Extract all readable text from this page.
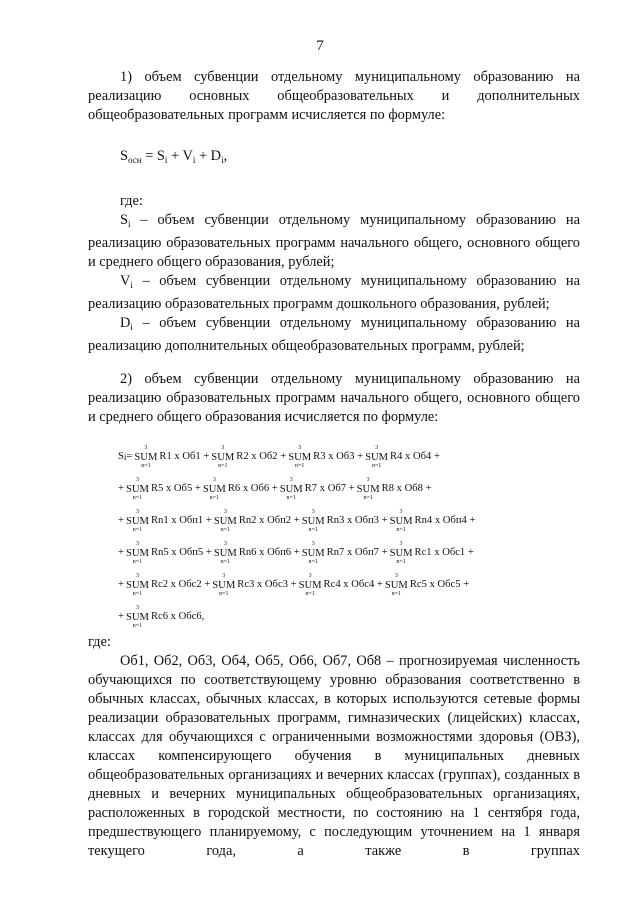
7

1) объем субвенции отдельному муниципальному образованию на реализацию основных общеобразовательных и дополнительных общеобразовательных программ исчисляется по формуле:

$S_{осн} = S_i + V_i + D_i$,

где:

$S_i$ – объем субвенции отдельному муниципальному образованию на реализацию образовательных программ начального общего, основного общего и среднего общего образования, рублей;

$V_i$ – объем субвенции отдельному муниципальному образованию на реализацию образовательных программ дошкольного образования, рублей;

$D_i$ – объем субвенции отдельному муниципальному образованию на реализацию дополнительных общеобразовательных программ, рублей;

2) объем субвенции отдельному муниципальному образованию на реализацию образовательных программ начального общего, основного общего и среднего общего образования исчисляется по формуле:

S i =
3
SUM
n=1
R1 x Об1 +
3
SUM
n=1
R2 x Об2 +
3
SUM
n=1
R3 x Об3 +
3
SUM
n=1
R4 x Об4 +
+
3
SUM
n=1
R5 x Об5 +
3
SUM
n=1
R6 x Об6 +
3
SUM
n=1
R7 x Об7 +
3
SUM
n=1
R8 x Об8 +
+
3
SUM
n=1
Rn1 x Обп1 +
3
SUM
n=1
Rn2 x Обп2 +
3
SUM
n=1
Rn3 x Обп3 +
3
SUM
n=1
Rn4 x Обп4 +
+
3
SUM
n=1
Rn5 x Обп5 +
3
SUM
n=1
Rn6 x Обп6 +
3
SUM
n=1
Rn7 x Обп7 +
3
SUM
n=1
Rc1 x Обс1 +
+
3
SUM
n=1
Rc2 x Обс2 +
3
SUM
n=1
Rc3 x Обс3 +
3
SUM
n=1
Rc4 x Обс4 +
3
SUM
n=1
Rc5 x Обс5 +
+
3
SUM
n=1
Rc6 x Обс6,

где:

Об1, Об2, Об3, Об4, Об5, Об6, Об7, Об8 – прогнозируемая численность обучающихся по соответствующему уровню образования соответственно в обычных классах, обычных классах, в которых используются сетевые формы реализации образовательных программ, гимназических (лицейских) классах, классах для обучающихся с ограниченными возможностями здоровья (ОВЗ), классах компенсирующего обучения в муниципальных дневных общеобразовательных организациях и вечерних классах (группах), созданных в дневных и вечерних муниципальных общеобразовательных организациях, расположенных в городской местности, по состоянию на 1 сентября года, предшествующего планируемому, с последующим уточнением на 1 января текущего года, а также в группах
